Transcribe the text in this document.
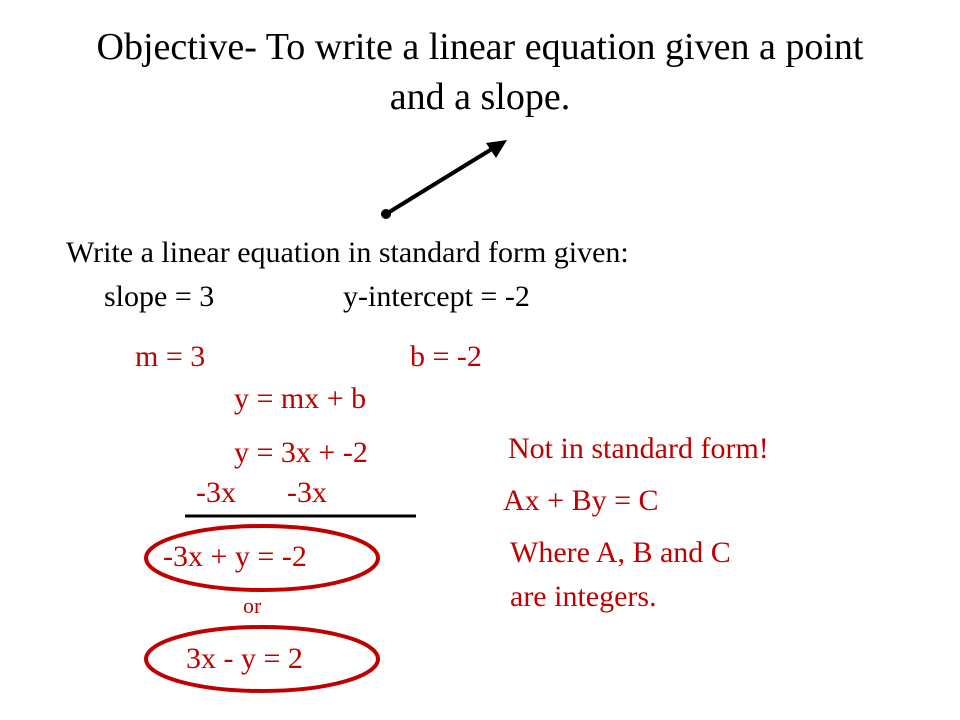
Objective- To write a linear equation given a point
and a slope.
Write a linear equation in standard form given:
slope = 3	y-intercept = -2
m = 3	b = -2
y = mx + b
y = 3x + -2
-3x -3x
-3x + y = -2
or
3x - y = 2
Not in standard form!
Ax + By = C
Where A, B and C
are integers.
